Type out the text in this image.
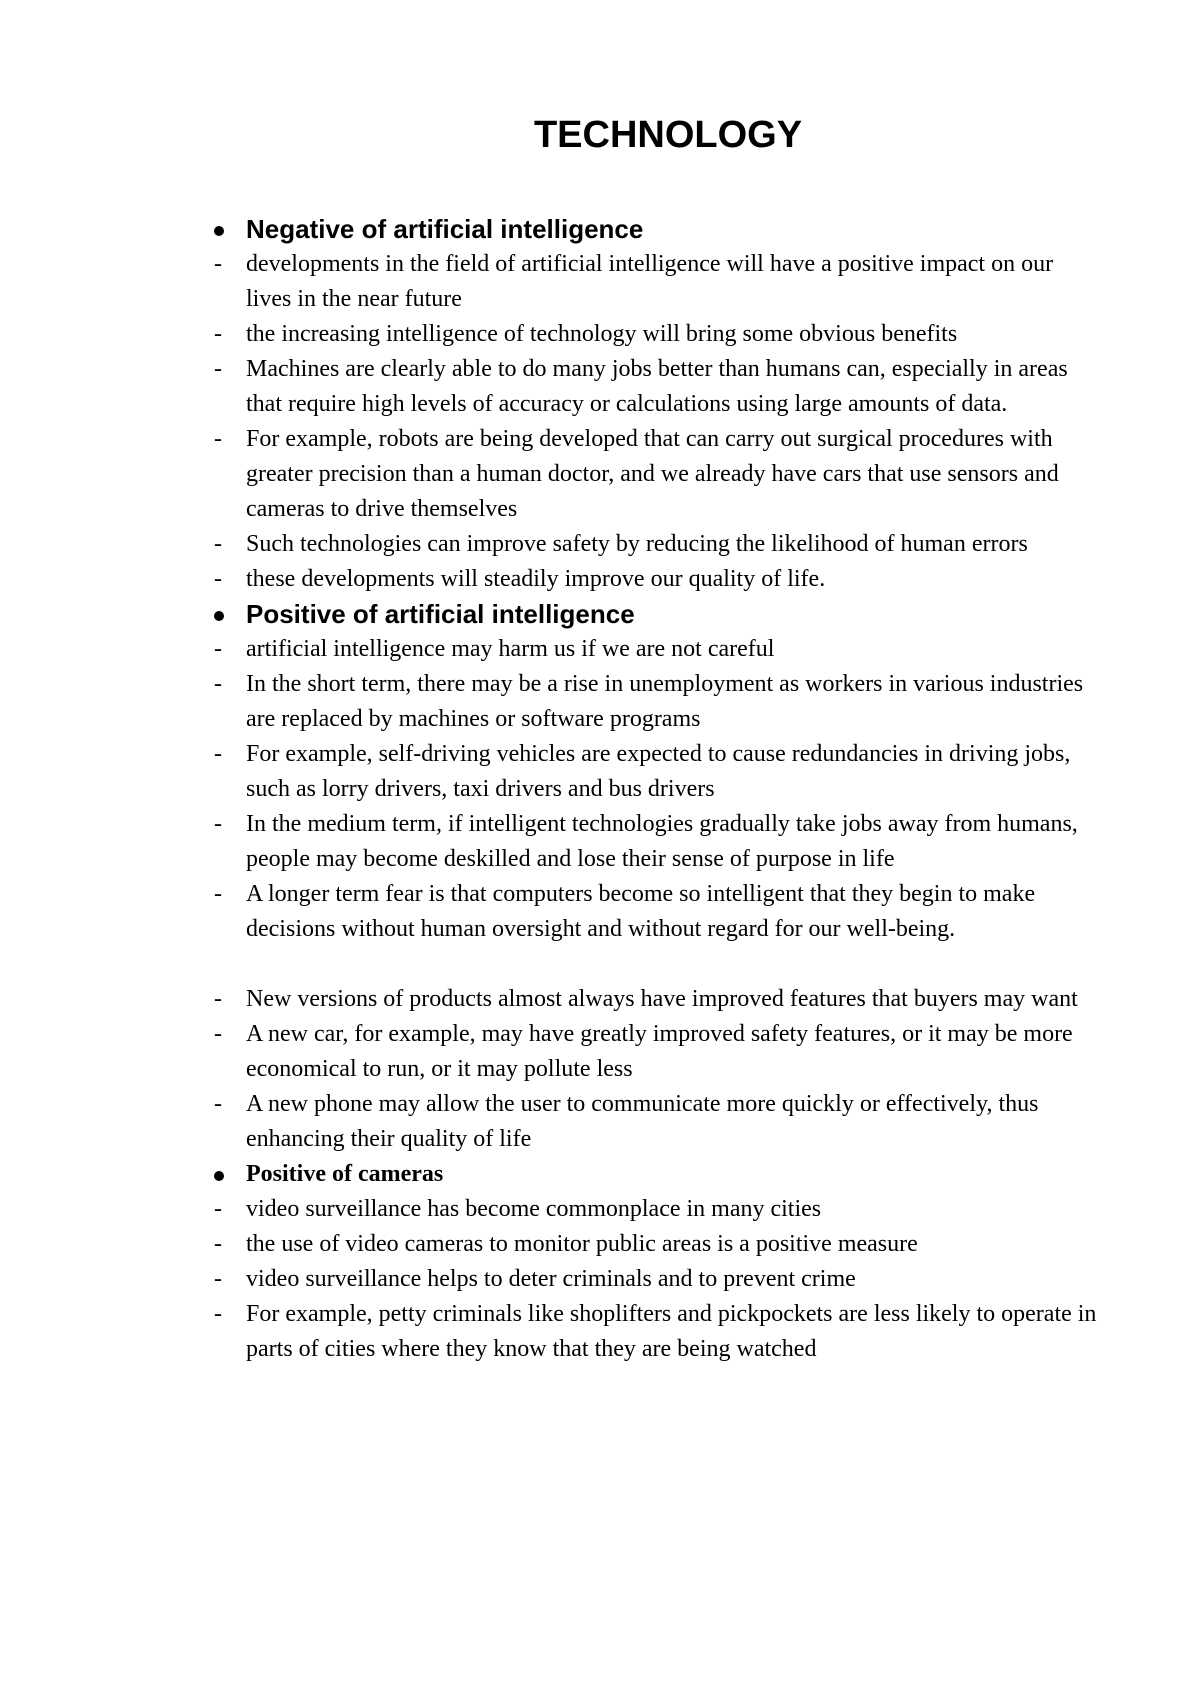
TECHNOLOGY
Negative of artificial intelligence
-	developments in the field of artificial intelligence will have a positive impact on our lives in the near future
-	the increasing intelligence of technology will bring some obvious benefits
-	Machines are clearly able to do many jobs better than humans can, especially in areas that require high levels of accuracy or calculations using large amounts of data.
-	For example, robots are being developed that can carry out surgical procedures with greater precision than a human doctor, and we already have cars that use sensors and cameras to drive themselves
-	Such technologies can improve safety by reducing the likelihood of human errors
-	these developments will steadily improve our quality of life.
Positive of artificial intelligence
-	artificial intelligence may harm us if we are not careful
-	In the short term, there may be a rise in unemployment as workers in various industries are replaced by machines or software programs
-	For example, self-driving vehicles are expected to cause redundancies in driving jobs, such as lorry drivers, taxi drivers and bus drivers
-	In the medium term, if intelligent technologies gradually take jobs away from humans, people may become deskilled and lose their sense of purpose in life
-	A longer term fear is that computers become so intelligent that they begin to make decisions without human oversight and without regard for our well-being.
-	New versions of products almost always have improved features that buyers may want
-	A new car, for example, may have greatly improved safety features, or it may be more economical to run, or it may pollute less
-	A new phone may allow the user to communicate more quickly or effectively, thus enhancing their quality of life
Positive of cameras
-	video surveillance has become commonplace in many cities
-	the use of video cameras to monitor public areas is a positive measure
-	video surveillance helps to deter criminals and to prevent crime
-	For example, petty criminals like shoplifters and pickpockets are less likely to operate in parts of cities where they know that they are being watched
